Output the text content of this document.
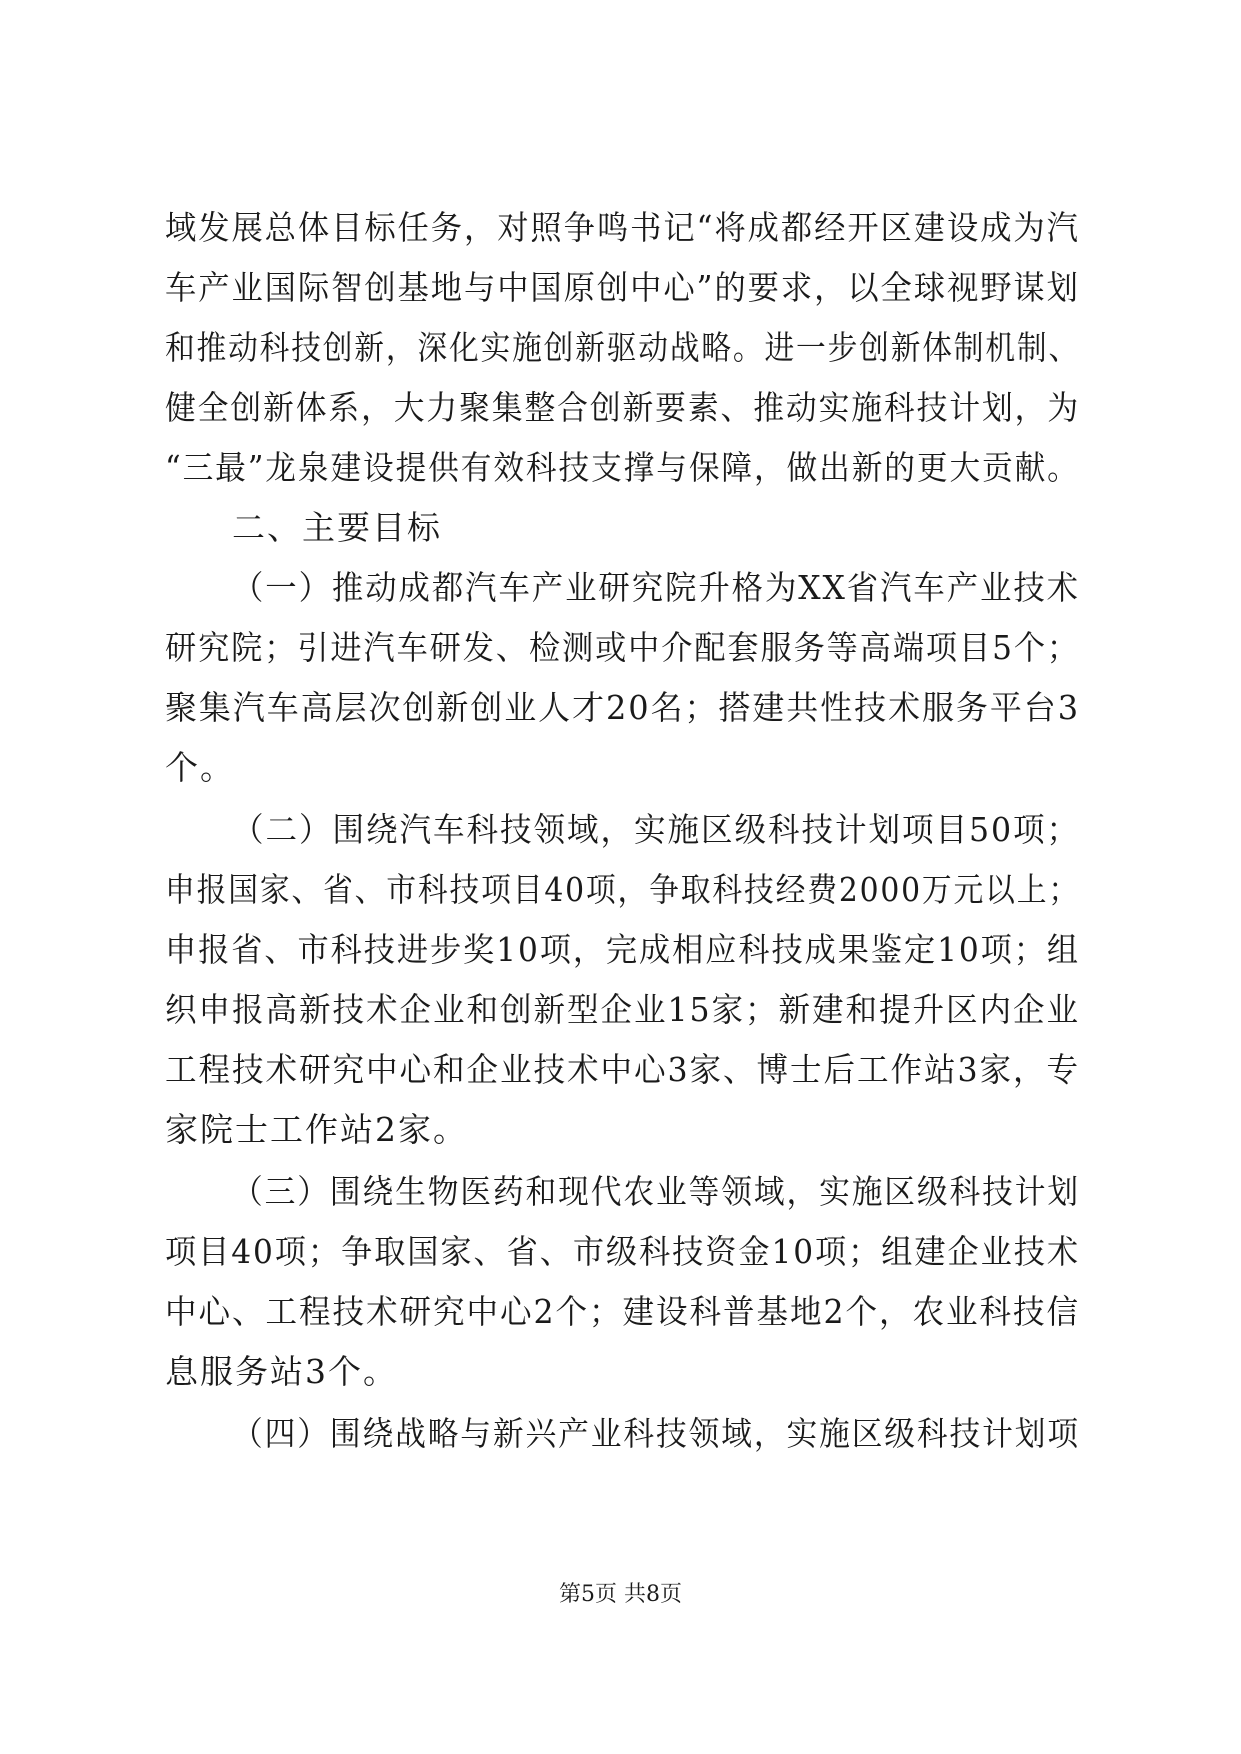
域发展总体目标任务，对照争鸣书记“将成都经开区建设成为汽
车产业国际智创基地与中国原创中心”的要求，以全球视野谋划
和推动科技创新，深化实施创新驱动战略。进一步创新体制机制、
健全创新体系，大力聚集整合创新要素、推动实施科技计划，为
“三最”龙泉建设提供有效科技支撑与保障，做出新的更大贡献。
二、主要目标
（一）推动成都汽车产业研究院升格为XX省汽车产业技术
研究院；引进汽车研发、检测或中介配套服务等高端项目5个；
聚集汽车高层次创新创业人才20名；搭建共性技术服务平台3
个。
（二）围绕汽车科技领域，实施区级科技计划项目50项；
申报国家、省、市科技项目40项，争取科技经费2000万元以上；
申报省、市科技进步奖10项，完成相应科技成果鉴定10项；组
织申报高新技术企业和创新型企业15家；新建和提升区内企业
工程技术研究中心和企业技术中心3家、博士后工作站3家，专
家院士工作站2家。
（三）围绕生物医药和现代农业等领域，实施区级科技计划
项目40项；争取国家、省、市级科技资金10项；组建企业技术
中心、工程技术研究中心2个；建设科普基地2个，农业科技信
息服务站3个。
（四）围绕战略与新兴产业科技领域，实施区级科技计划项
第5页 共8页
